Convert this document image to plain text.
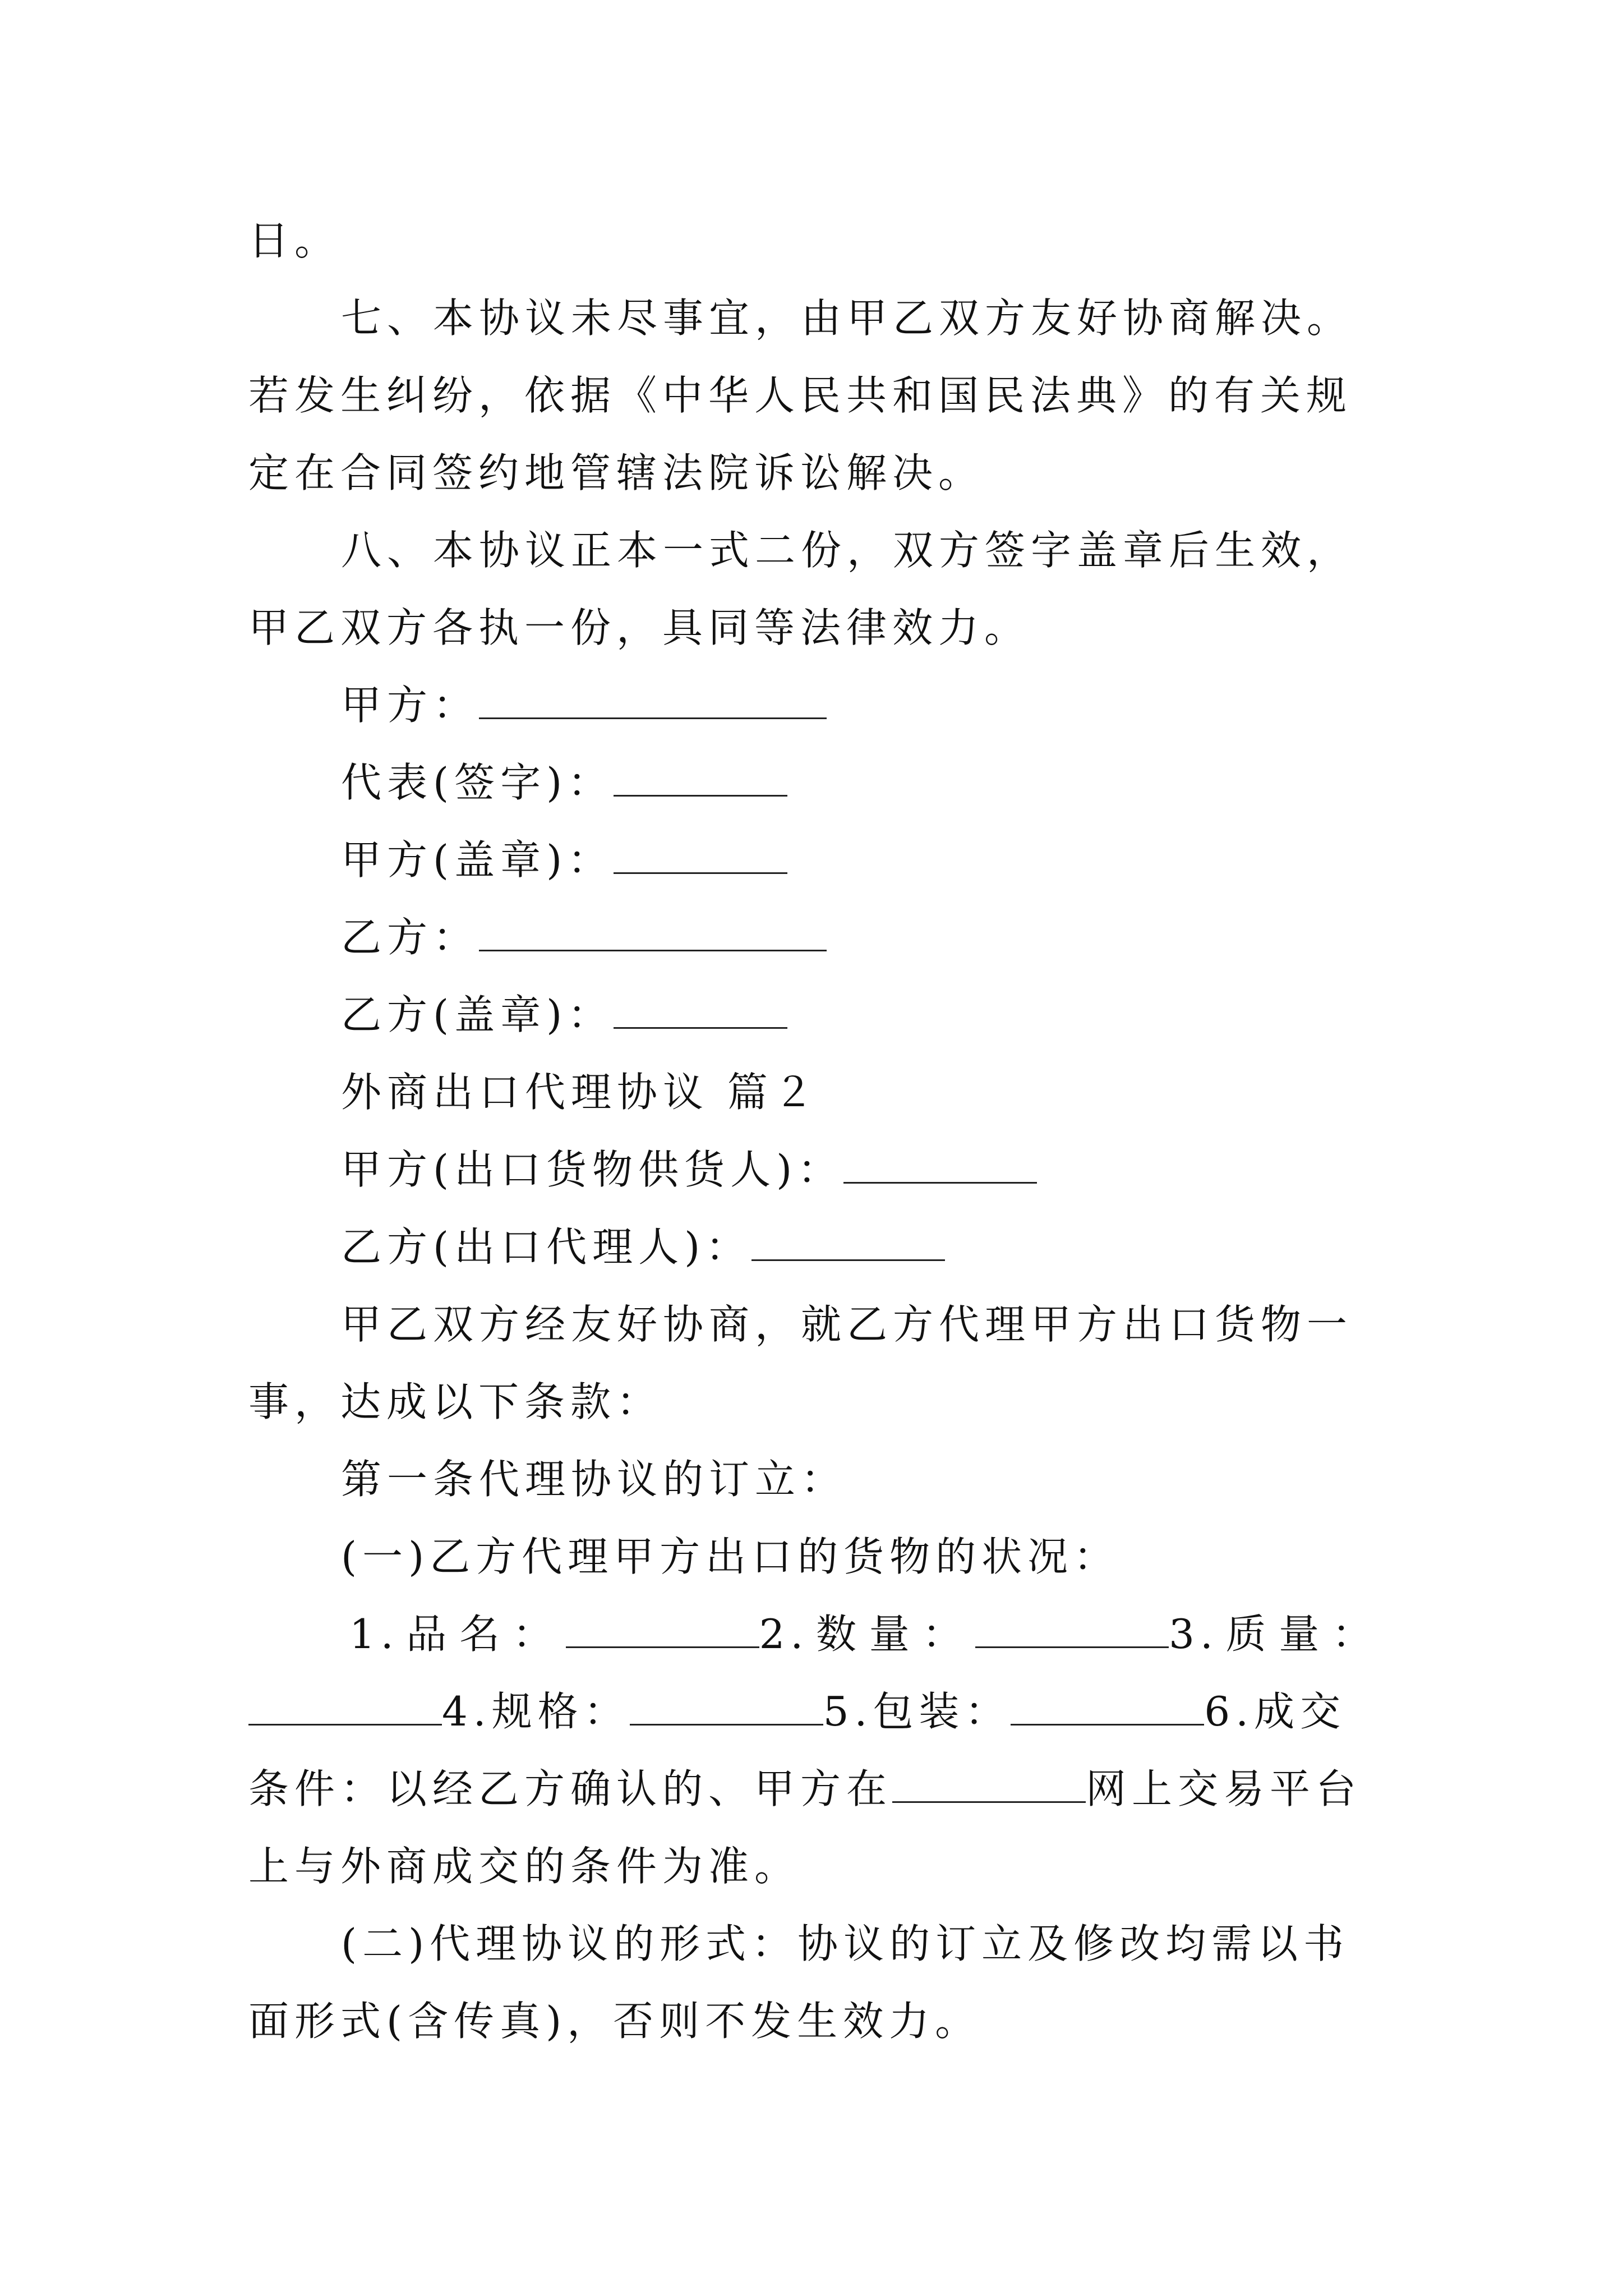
日。

七、本协议未尽事宜，由甲乙双方友好协商解决。若发生纠纷，依据《中华人民共和国民法典》的有关规定在合同签约地管辖法院诉讼解决。

八、本协议正本一式二份，双方签字盖章后生效，甲乙双方各执一份，具同等法律效力。

甲方：

代表(签字)：

甲方(盖章)：

乙方：

乙方(盖章)：

外商出口代理协议 篇２

甲方(出口货物供货人)：

乙方(出口代理人)：

甲乙双方经友好协商，就乙方代理甲方出口货物一事，达成以下条款：

第一条代理协议的订立：

(一)乙方代理甲方出口的货物的状况：

1.品名：	2.数量：	3.质量：

4.规格：	5.包装：	6.成交条件：以经乙方确认的、甲方在	网上交易平台上与外商成交的条件为准。

(二)代理协议的形式：协议的订立及修改均需以书面形式(含传真)，否则不发生效力。
